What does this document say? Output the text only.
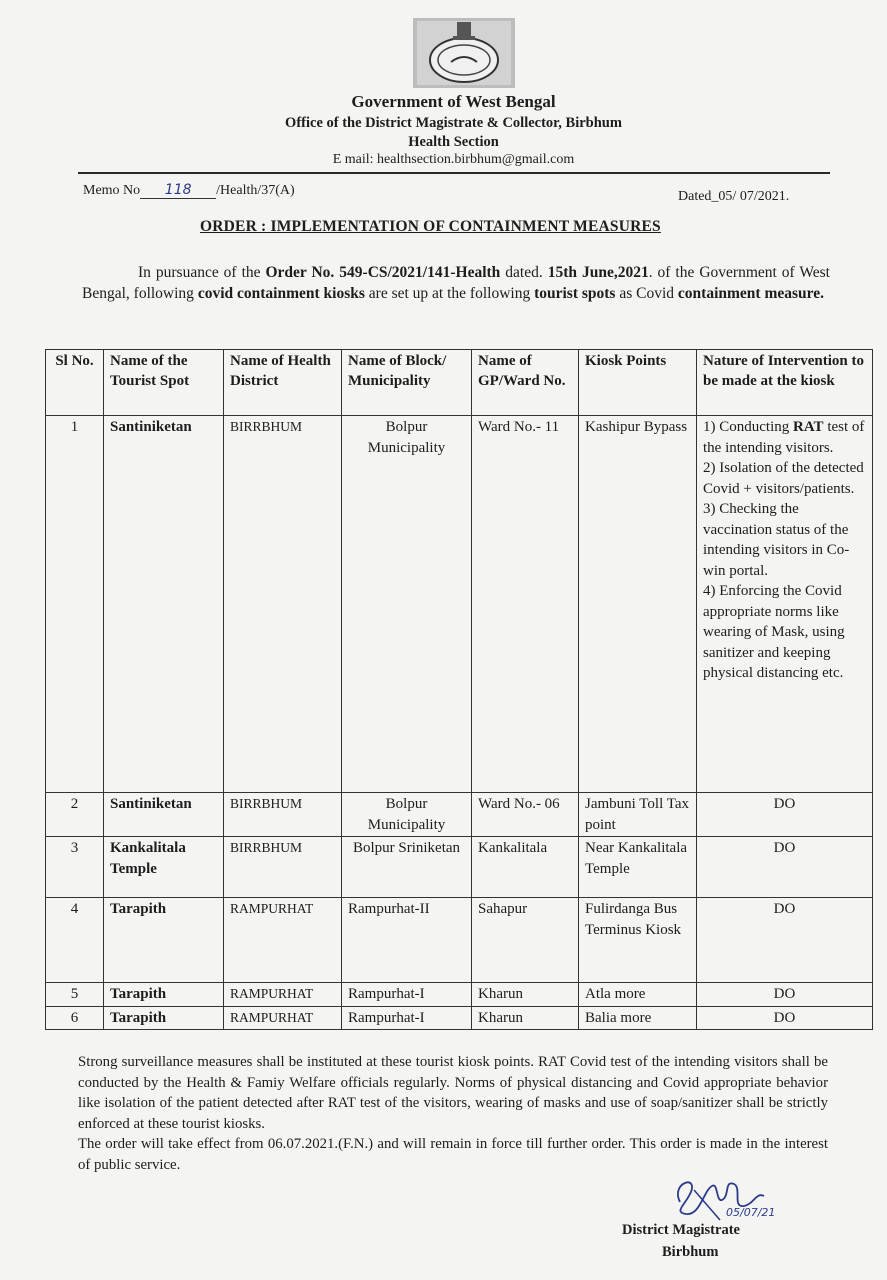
Government of West Bengal
Office of the District Magistrate & Collector, Birbhum
Health Section
E mail: healthsection.birbhum@gmail.com
Memo No 118 /Health/37(A)	Dated_05/ 07/2021.
ORDER : IMPLEMENTATION OF CONTAINMENT MEASURES

In pursuance of the Order No. 549-CS/2021/141-Health dated. 15th June,2021. of the Government of West Bengal, following covid containment kiosks are set up at the following tourist spots as Covid containment measure.

Sl No.	Name of the Tourist Spot	Name of Health District	Name of Block/ Municipality	Name of GP/Ward No.	Kiosk Points	Nature of Intervention to be made at the kiosk
1	Santiniketan	BIRRBHUM	Bolpur Municipality	Ward No.- 11	Kashipur Bypass	1) Conducting RAT test of the intending visitors.
2) Isolation of the detected Covid + visitors/patients.
3) Checking the vaccination status of the intending visitors in Co-win portal.
4) Enforcing the Covid appropriate norms like wearing of Mask, using sanitizer and keeping physical distancing etc.

2	Santiniketan	BIRRBHUM	Bolpur Municipality	Ward No.- 06	Jambuni Toll Tax point	DO
3	Kankalitala Temple	BIRRBHUM	Bolpur Sriniketan	Kankalitala	Near Kankalitala Temple	DO
4	Tarapith	RAMPURHAT	Rampurhat-II	Sahapur	Fulirdanga Bus Terminus Kiosk	DO
5	Tarapith	RAMPURHAT	Rampurhat-I	Kharun	Atla more	DO
6	Tarapith	RAMPURHAT	Rampurhat-I	Kharun	Balia more	DO

Strong surveillance measures shall be instituted at these tourist kiosk points. RAT Covid test of the intending visitors shall be conducted by the Health & Famiy Welfare officials regularly. Norms of physical distancing and Covid appropriate behavior like isolation of the patient detected after RAT test of the visitors, wearing of masks and use of soap/sanitizer shall be strictly enforced at these tourist kiosks.

The order will take effect from 06.07.2021.(F.N.) and will remain in force till further order. This order is made in the interest of public service.

05/07/21
District Magistrate
Birbhum
